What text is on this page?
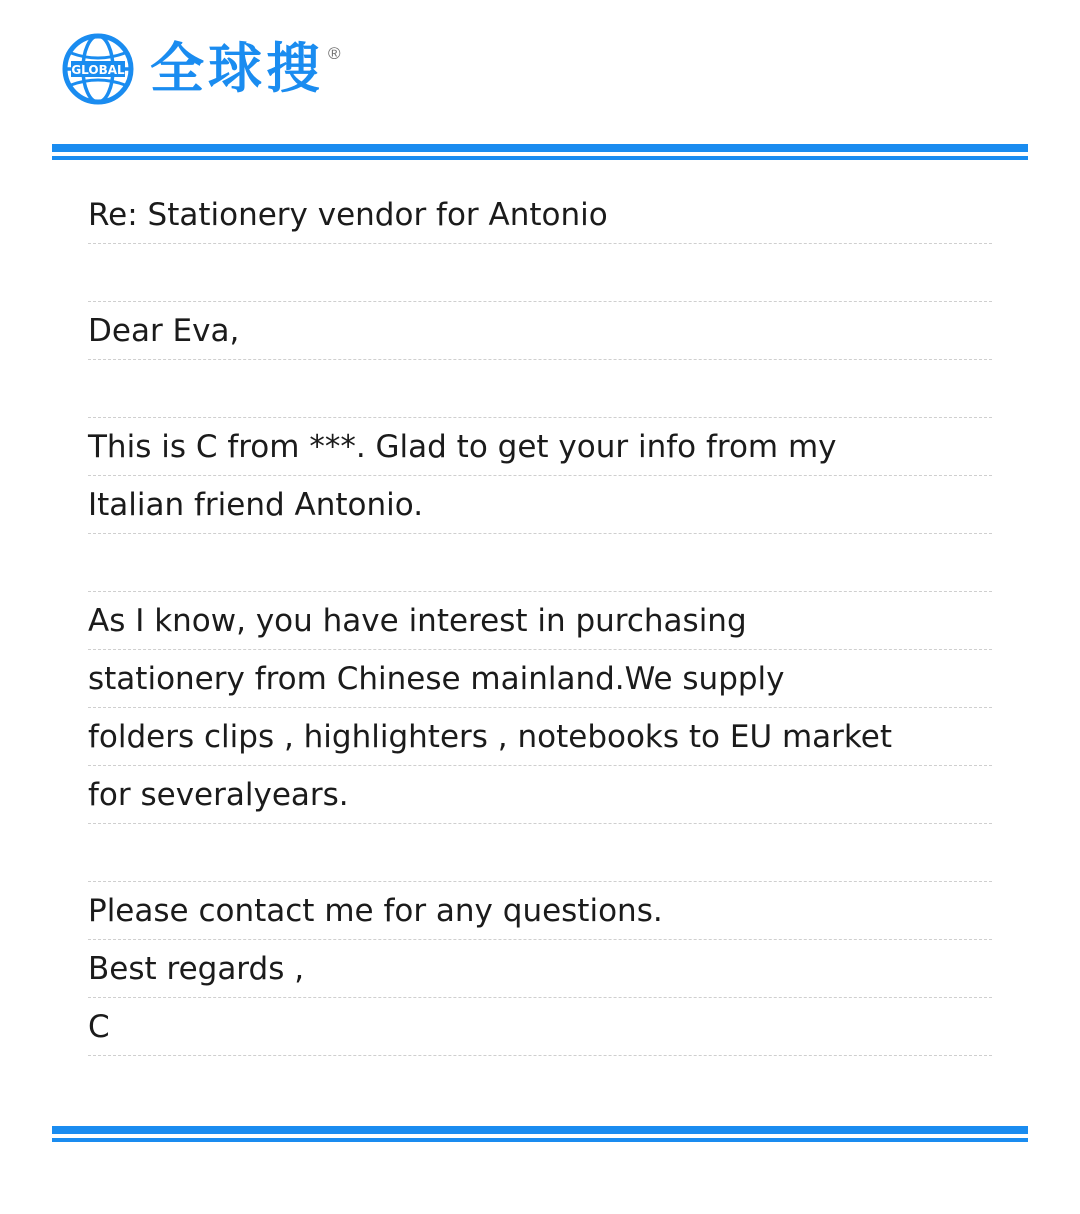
GLOBAL 全球搜 ®
Re: Stationery vendor for Antonio
Dear Eva,
This is C from ***. Glad to get your info from my
Italian friend Antonio.
As I know, you have interest in purchasing
stationery from Chinese mainland.We supply
folders clips , highlighters , notebooks to EU market
for severalyears.
Please contact me for any questions.
Best regards ,
C
